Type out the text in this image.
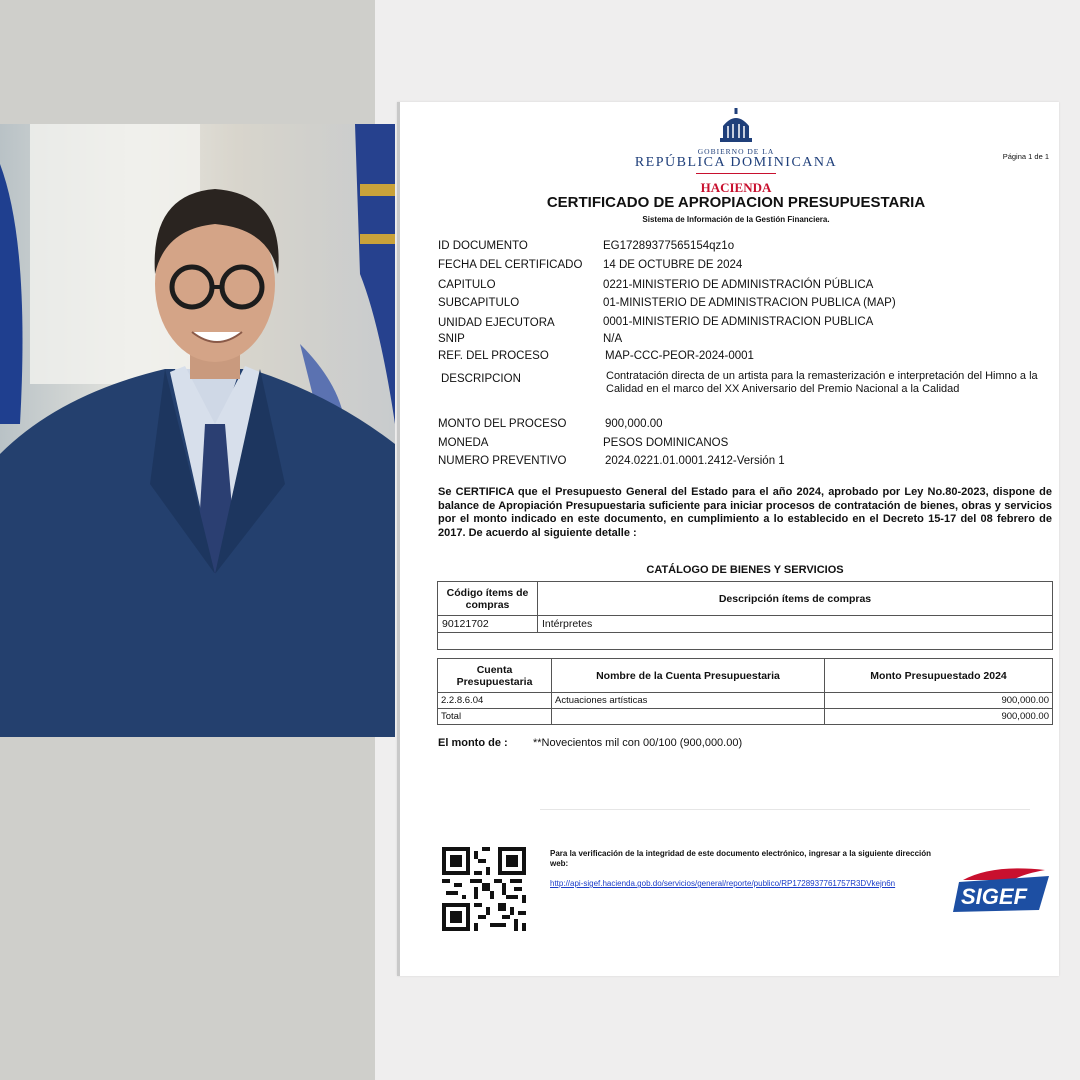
GOBIERNO DE LA
REPÚBLICA DOMINICANA
HACIENDA
CERTIFICADO DE APROPIACION PRESUPUESTARIA
Sistema de Información de la Gestión Financiera.
Página 1 de 1
ID DOCUMENTO	EG17289377565154qz1o
FECHA DEL CERTIFICADO 14 DE OCTUBRE DE 2024
CAPITULO	0221-MINISTERIO DE ADMINISTRACIÓN PÚBLICA
SUBCAPITULO	01-MINISTERIO DE ADMINISTRACION PUBLICA (MAP)
UNIDAD EJECUTORA	0001-MINISTERIO DE ADMINISTRACION PUBLICA
SNIP	N/A
REF. DEL PROCESO	MAP-CCC-PEOR-2024-0001
DESCRIPCION	Contratación directa de un artista para la remasterización e interpretación del Himno a la Calidad en el marco del XX Aniversario del Premio Nacional a la Calidad
MONTO DEL PROCESO	900,000.00
MONEDA	PESOS DOMINICANOS
NUMERO PREVENTIVO	2024.0221.01.0001.2412-Versión 1
Se CERTIFICA que el Presupuesto General del Estado para el año 2024, aprobado por Ley No.80-2023, dispone de balance de Apropiación Presupuestaria suficiente para iniciar procesos de contratación de bienes, obras y servicios por el monto indicado en este documento, en cumplimiento a lo establecido en el Decreto 15-17 del 08 febrero de 2017. De acuerdo al siguiente detalle :
CATÁLOGO DE BIENES Y SERVICIOS
Código ítems de compras	Descripción ítems de compras
90121702	Intérpretes

Cuenta Presupuestaria	Nombre de la Cuenta Presupuestaria	Monto Presupuestado 2024
2.2.8.6.04	Actuaciones artísticas	900,000.00
Total		900,000.00
El monto de : **Novecientos mil con 00/100 (900,000.00)
Para la verificación de la integridad de este documento electrónico, ingresar a la siguiente dirección web:
http://api-sigef.hacienda.gob.do/servicios/general/reporte/publico/RP1728937761757R3DVkejn6n
SIGEF
